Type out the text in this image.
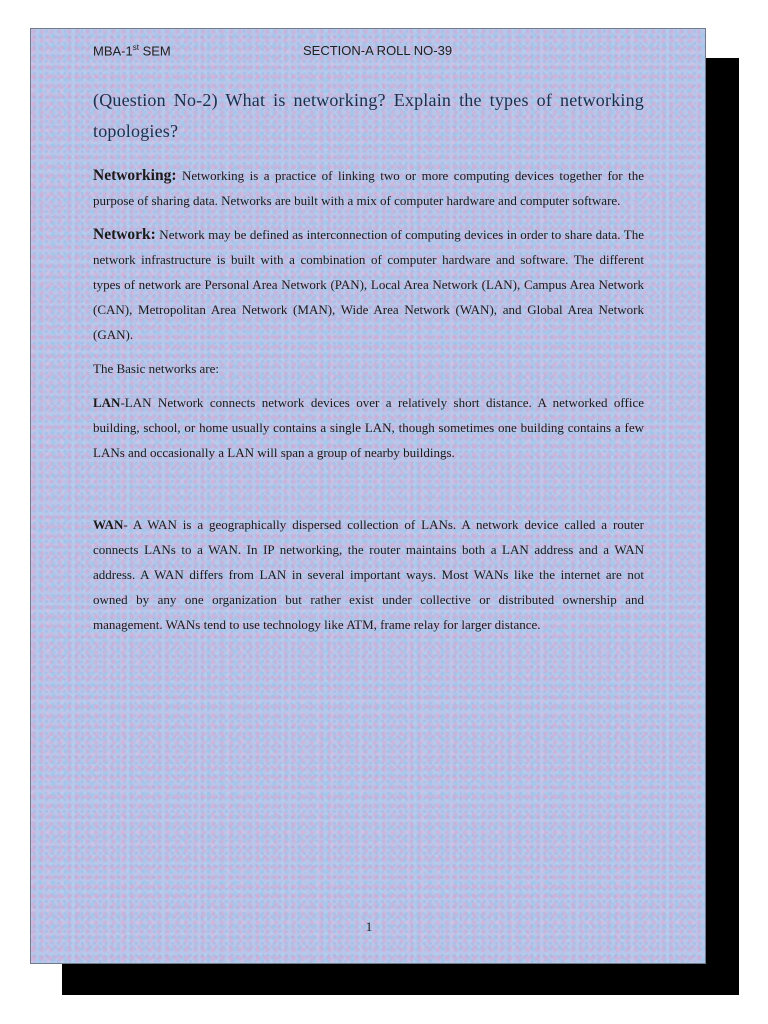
MBA-1st SEM	SECTION-A ROLL NO-39
(Question No-2) What is networking? Explain the types of networking topologies?

Networking: Networking is a practice of linking two or more computing devices together for the purpose of sharing data. Networks are built with a mix of computer hardware and computer software.

Network: Network may be defined as interconnection of computing devices in order to share data. The network infrastructure is built with a combination of computer hardware and software. The different types of network are Personal Area Network (PAN), Local Area Network (LAN), Campus Area Network (CAN), Metropolitan Area Network (MAN), Wide Area Network (WAN), and Global Area Network (GAN).

The Basic networks are:

LAN-LAN Network connects network devices over a relatively short distance. A networked office building, school, or home usually contains a single LAN, though sometimes one building contains a few LANs and occasionally a LAN will span a group of nearby buildings.

WAN- A WAN is a geographically dispersed collection of LANs. A network device called a router connects LANs to a WAN. In IP networking, the router maintains both a LAN address and a WAN address. A WAN differs from LAN in several important ways. Most WANs like the internet are not owned by any one organization but rather exist under collective or distributed ownership and management. WANs tend to use technology like ATM, frame relay for larger distance.

1
